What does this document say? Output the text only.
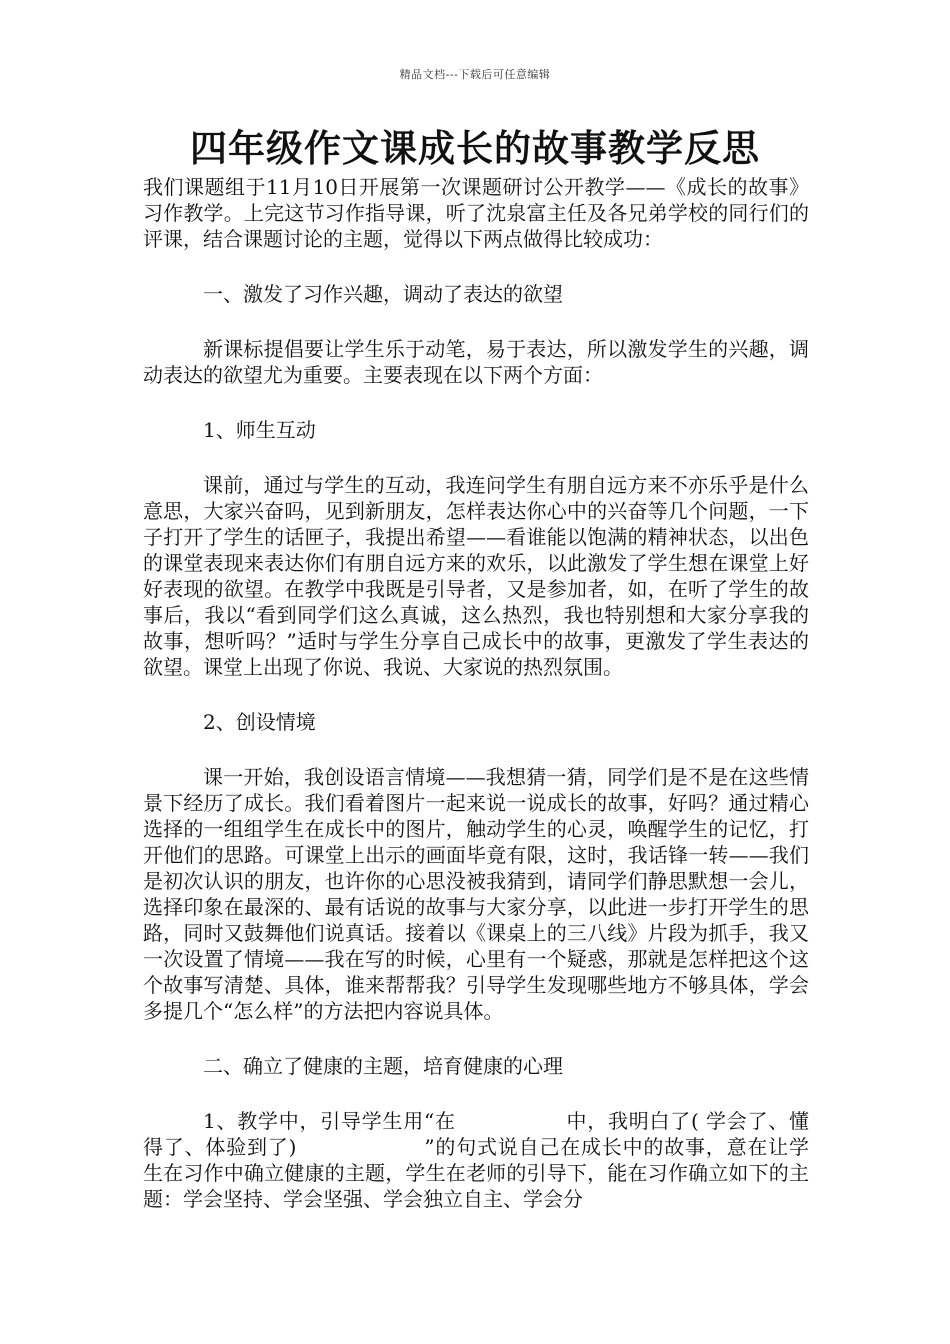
精品文档---下载后可任意编辑
四年级作文课成长的故事教学反思

我们课题组于11月10日开展第一次课题研讨公开教学——《成长的故事》习作教学。上完这节习作指导课，听了沈泉富主任及各兄弟学校的同行们的评课，结合课题讨论的主题，觉得以下两点做得比较成功：

一、激发了习作兴趣，调动了表达的欲望

新课标提倡要让学生乐于动笔，易于表达，所以激发学生的兴趣，调动表达的欲望尤为重要。主要表现在以下两个方面：

1、师生互动

课前，通过与学生的互动，我连问学生有朋自远方来不亦乐乎是什么意思，大家兴奋吗，见到新朋友，怎样表达你心中的兴奋等几个问题，一下子打开了学生的话匣子，我提出希望——看谁能以饱满的精神状态，以出色的课堂表现来表达你们有朋自远方来的欢乐，以此激发了学生想在课堂上好好表现的欲望。在教学中我既是引导者，又是参加者，如，在听了学生的故事后，我以“看到同学们这么真诚，这么热烈，我也特别想和大家分享我的故事，想听吗？”适时与学生分享自己成长中的故事，更激发了学生表达的欲望。课堂上出现了你说、我说、大家说的热烈氛围。

2、创设情境

课一开始，我创设语言情境——我想猜一猜，同学们是不是在这些情景下经历了成长。我们看着图片一起来说一说成长的故事，好吗？通过精心选择的一组组学生在成长中的图片，触动学生的心灵，唤醒学生的记忆，打开他们的思路。可课堂上出示的画面毕竟有限，这时，我话锋一转——我们是初次认识的朋友，也许你的心思没被我猜到，请同学们静思默想一会儿，选择印象在最深的、最有话说的故事与大家分享，以此进一步打开学生的思路，同时又鼓舞他们说真话。接着以《课桌上的三八线》片段为抓手，我又一次设置了情境——我在写的时候，心里有一个疑惑，那就是怎样把这个这个故事写清楚、具体，谁来帮帮我？引导学生发现哪些地方不够具体，学会多提几个“怎么样”的方法把内容说具体。

二、确立了健康的主题，培育健康的心理

1、教学中，引导学生用“在	中，我明白了( 学会了、懂得了、体验到了)	”的句式说自己在成长中的故事，意在让学生在习作中确立健康的主题，学生在老师的引导下，能在习作确立如下的主题：学会坚持、学会坚强、学会独立自主、学会分
